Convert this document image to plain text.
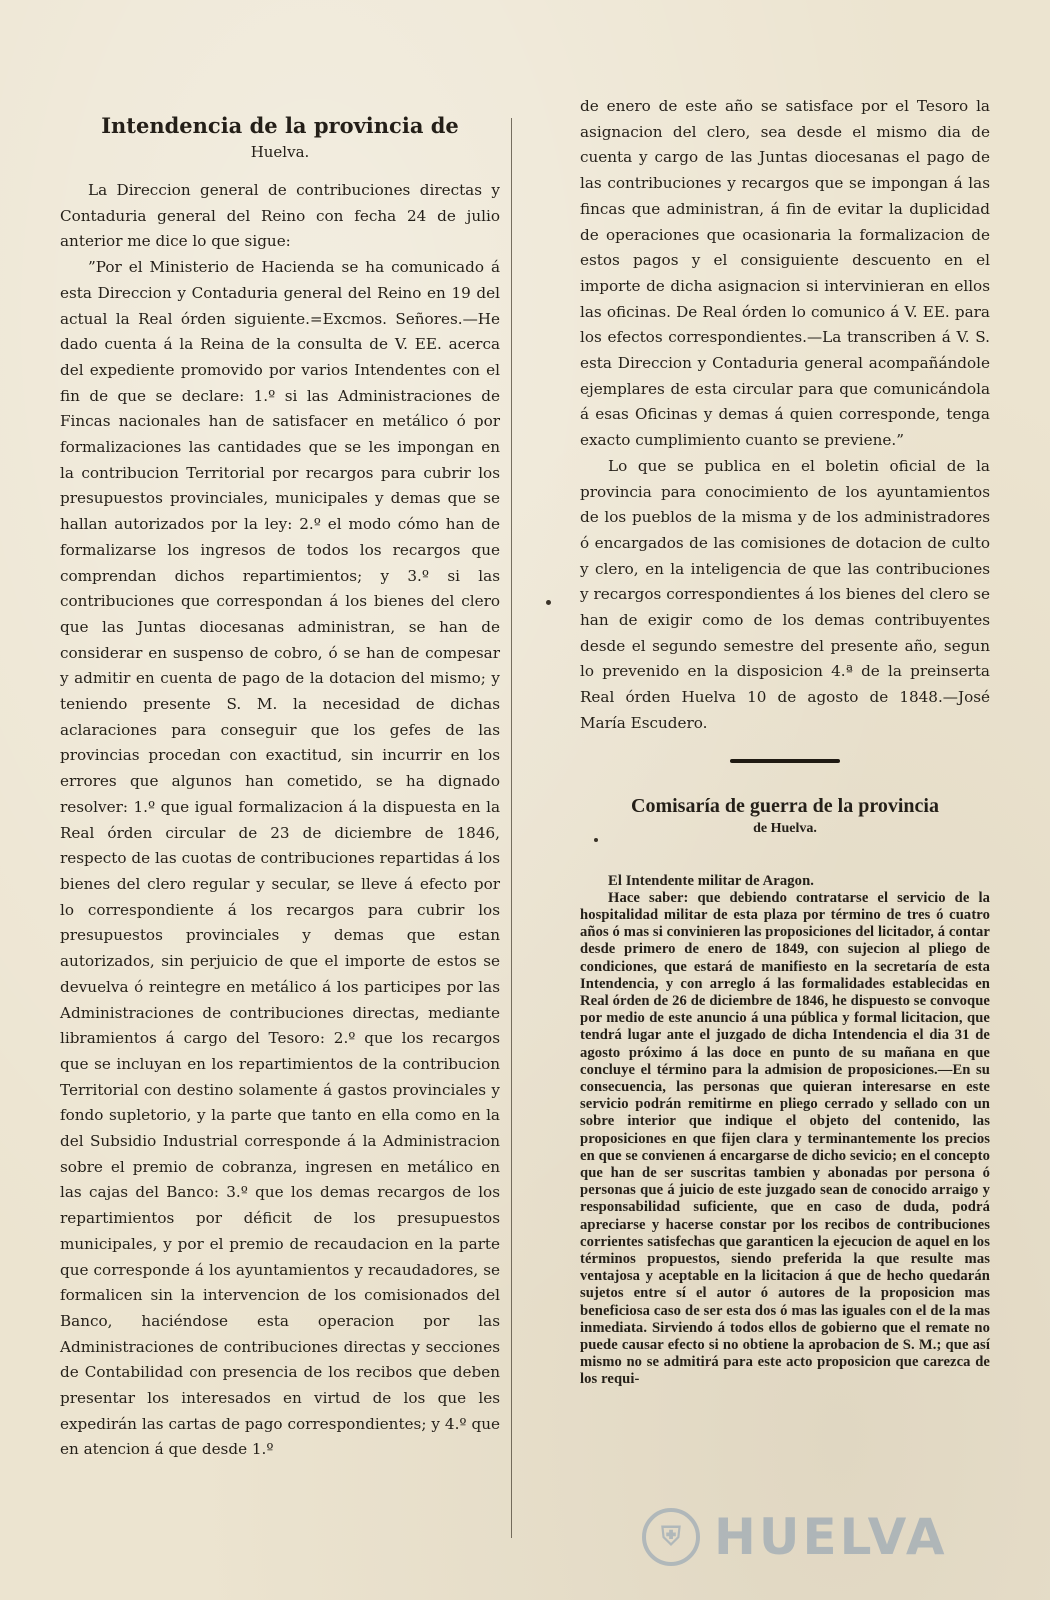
Intendencia de la provincia de
Huelva.

La Direccion general de contribuciones directas y Contaduria general del Reino con fecha 24 de julio anterior me dice lo que sigue:

”Por el Ministerio de Hacienda se ha comunicado á esta Direccion y Contaduria general del Reino en 19 del actual la Real órden siguiente.=Excmos. Señores.—He dado cuenta á la Reina de la consulta de V. EE. acerca del expediente promovido por varios Intendentes con el fin de que se declare: 1.º si las Administraciones de Fincas nacionales han de satisfacer en metálico ó por formalizaciones las cantidades que se les impongan en la contribucion Territorial por recargos para cubrir los presupuestos provinciales, municipales y demas que se hallan autorizados por la ley: 2.º el modo cómo han de formalizarse los ingresos de todos los recargos que comprendan dichos repartimientos; y 3.º si las contribuciones que correspondan á los bienes del clero que las Juntas diocesanas administran, se han de considerar en suspenso de cobro, ó se han de compesar y admitir en cuenta de pago de la dotacion del mismo; y teniendo presente S. M. la necesidad de dichas aclaraciones para conseguir que los gefes de las provincias procedan con exactitud, sin incurrir en los errores que algunos han cometido, se ha dignado resolver: 1.º que igual formalizacion á la dispuesta en la Real órden circular de 23 de diciembre de 1846, respecto de las cuotas de contribuciones repartidas á los bienes del clero regular y secular, se lleve á efecto por lo correspondiente á los recargos para cubrir los presupuestos provinciales y demas que estan autorizados, sin perjuicio de que el importe de estos se devuelva ó reintegre en metálico á los participes por las Administraciones de contribuciones directas, mediante libramientos á cargo del Tesoro: 2.º que los recargos que se incluyan en los repartimientos de la contribucion Territorial con destino solamente á gastos provinciales y fondo supletorio, y la parte que tanto en ella como en la del Subsidio Industrial corresponde á la Administracion sobre el premio de cobranza, ingresen en metálico en las cajas del Banco: 3.º que los demas recargos de los repartimientos por déficit de los presupuestos municipales, y por el premio de recaudacion en la parte que corresponde á los ayuntamientos y recaudadores, se formalicen sin la intervencion de los comisionados del Banco, haciéndose esta operacion por las Administraciones de contribuciones directas y secciones de Contabilidad con presencia de los recibos que deben presentar los interesados en virtud de los que les expedirán las cartas de pago correspondientes; y 4.º que en atencion á que desde 1.º

de enero de este año se satisface por el Tesoro la asignacion del clero, sea desde el mismo dia de cuenta y cargo de las Juntas diocesanas el pago de las contribuciones y recargos que se impongan á las fincas que administran, á fin de evitar la duplicidad de operaciones que ocasionaria la formalizacion de estos pagos y el consiguiente descuento en el importe de dicha asignacion si intervinieran en ellos las oficinas. De Real órden lo comunico á V. EE. para los efectos correspondientes.—La transcriben á V. S. esta Direccion y Contaduria general acompañándole ejemplares de esta circular para que comunicándola á esas Oficinas y demas á quien corresponde, tenga exacto cumplimiento cuanto se previene.”

Lo que se publica en el boletin oficial de la provincia para conocimiento de los ayuntamientos de los pueblos de la misma y de los administradores ó encargados de las comisiones de dotacion de culto y clero, en la inteligencia de que las contribuciones y recargos correspondientes á los bienes del clero se han de exigir como de los demas contribuyentes desde el segundo semestre del presente año, segun lo prevenido en la disposicion 4.ª de la preinserta Real órden Huelva 10 de agosto de 1848.—José María Escudero.

Comisaría de guerra de la provincia
de Huelva.

El Intendente militar de Aragon.

Hace saber: que debiendo contratarse el servicio de la hospitalidad militar de esta plaza por término de tres ó cuatro años ó mas si convinieren las proposiciones del licitador, á contar desde primero de enero de 1849, con sujecion al pliego de condiciones, que estará de manifiesto en la secretaría de esta Intendencia, y con arreglo á las formalidades establecidas en Real órden de 26 de diciembre de 1846, he dispuesto se convoque por medio de este anuncio á una pública y formal licitacion, que tendrá lugar ante el juzgado de dicha Intendencia el dia 31 de agosto próximo á las doce en punto de su mañana en que concluye el término para la admision de proposiciones.—En su consecuencia, las personas que quieran interesarse en este servicio podrán remitirme en pliego cerrado y sellado con un sobre interior que indique el objeto del contenido, las proposiciones en que fijen clara y terminantemente los precios en que se convienen á encargarse de dicho sevicio; en el concepto que han de ser suscritas tambien y abonadas por persona ó personas que á juicio de este juzgado sean de conocido arraigo y responsabilidad suficiente, que en caso de duda, podrá apreciarse y hacerse constar por los recibos de contribuciones corrientes satisfechas que garanticen la ejecucion de aquel en los términos propuestos, siendo preferida la que resulte mas ventajosa y aceptable en la licitacion á que de hecho quedarán sujetos entre sí el autor ó autores de la proposicion mas beneficiosa caso de ser esta dos ó mas las iguales con el de la mas inmediata. Sirviendo á todos ellos de gobierno que el remate no puede causar efecto si no obtiene la aprobacion de S. M.; que así mismo no se admitirá para este acto proposicion que carezca de los requi-

⛨ HUELVA
